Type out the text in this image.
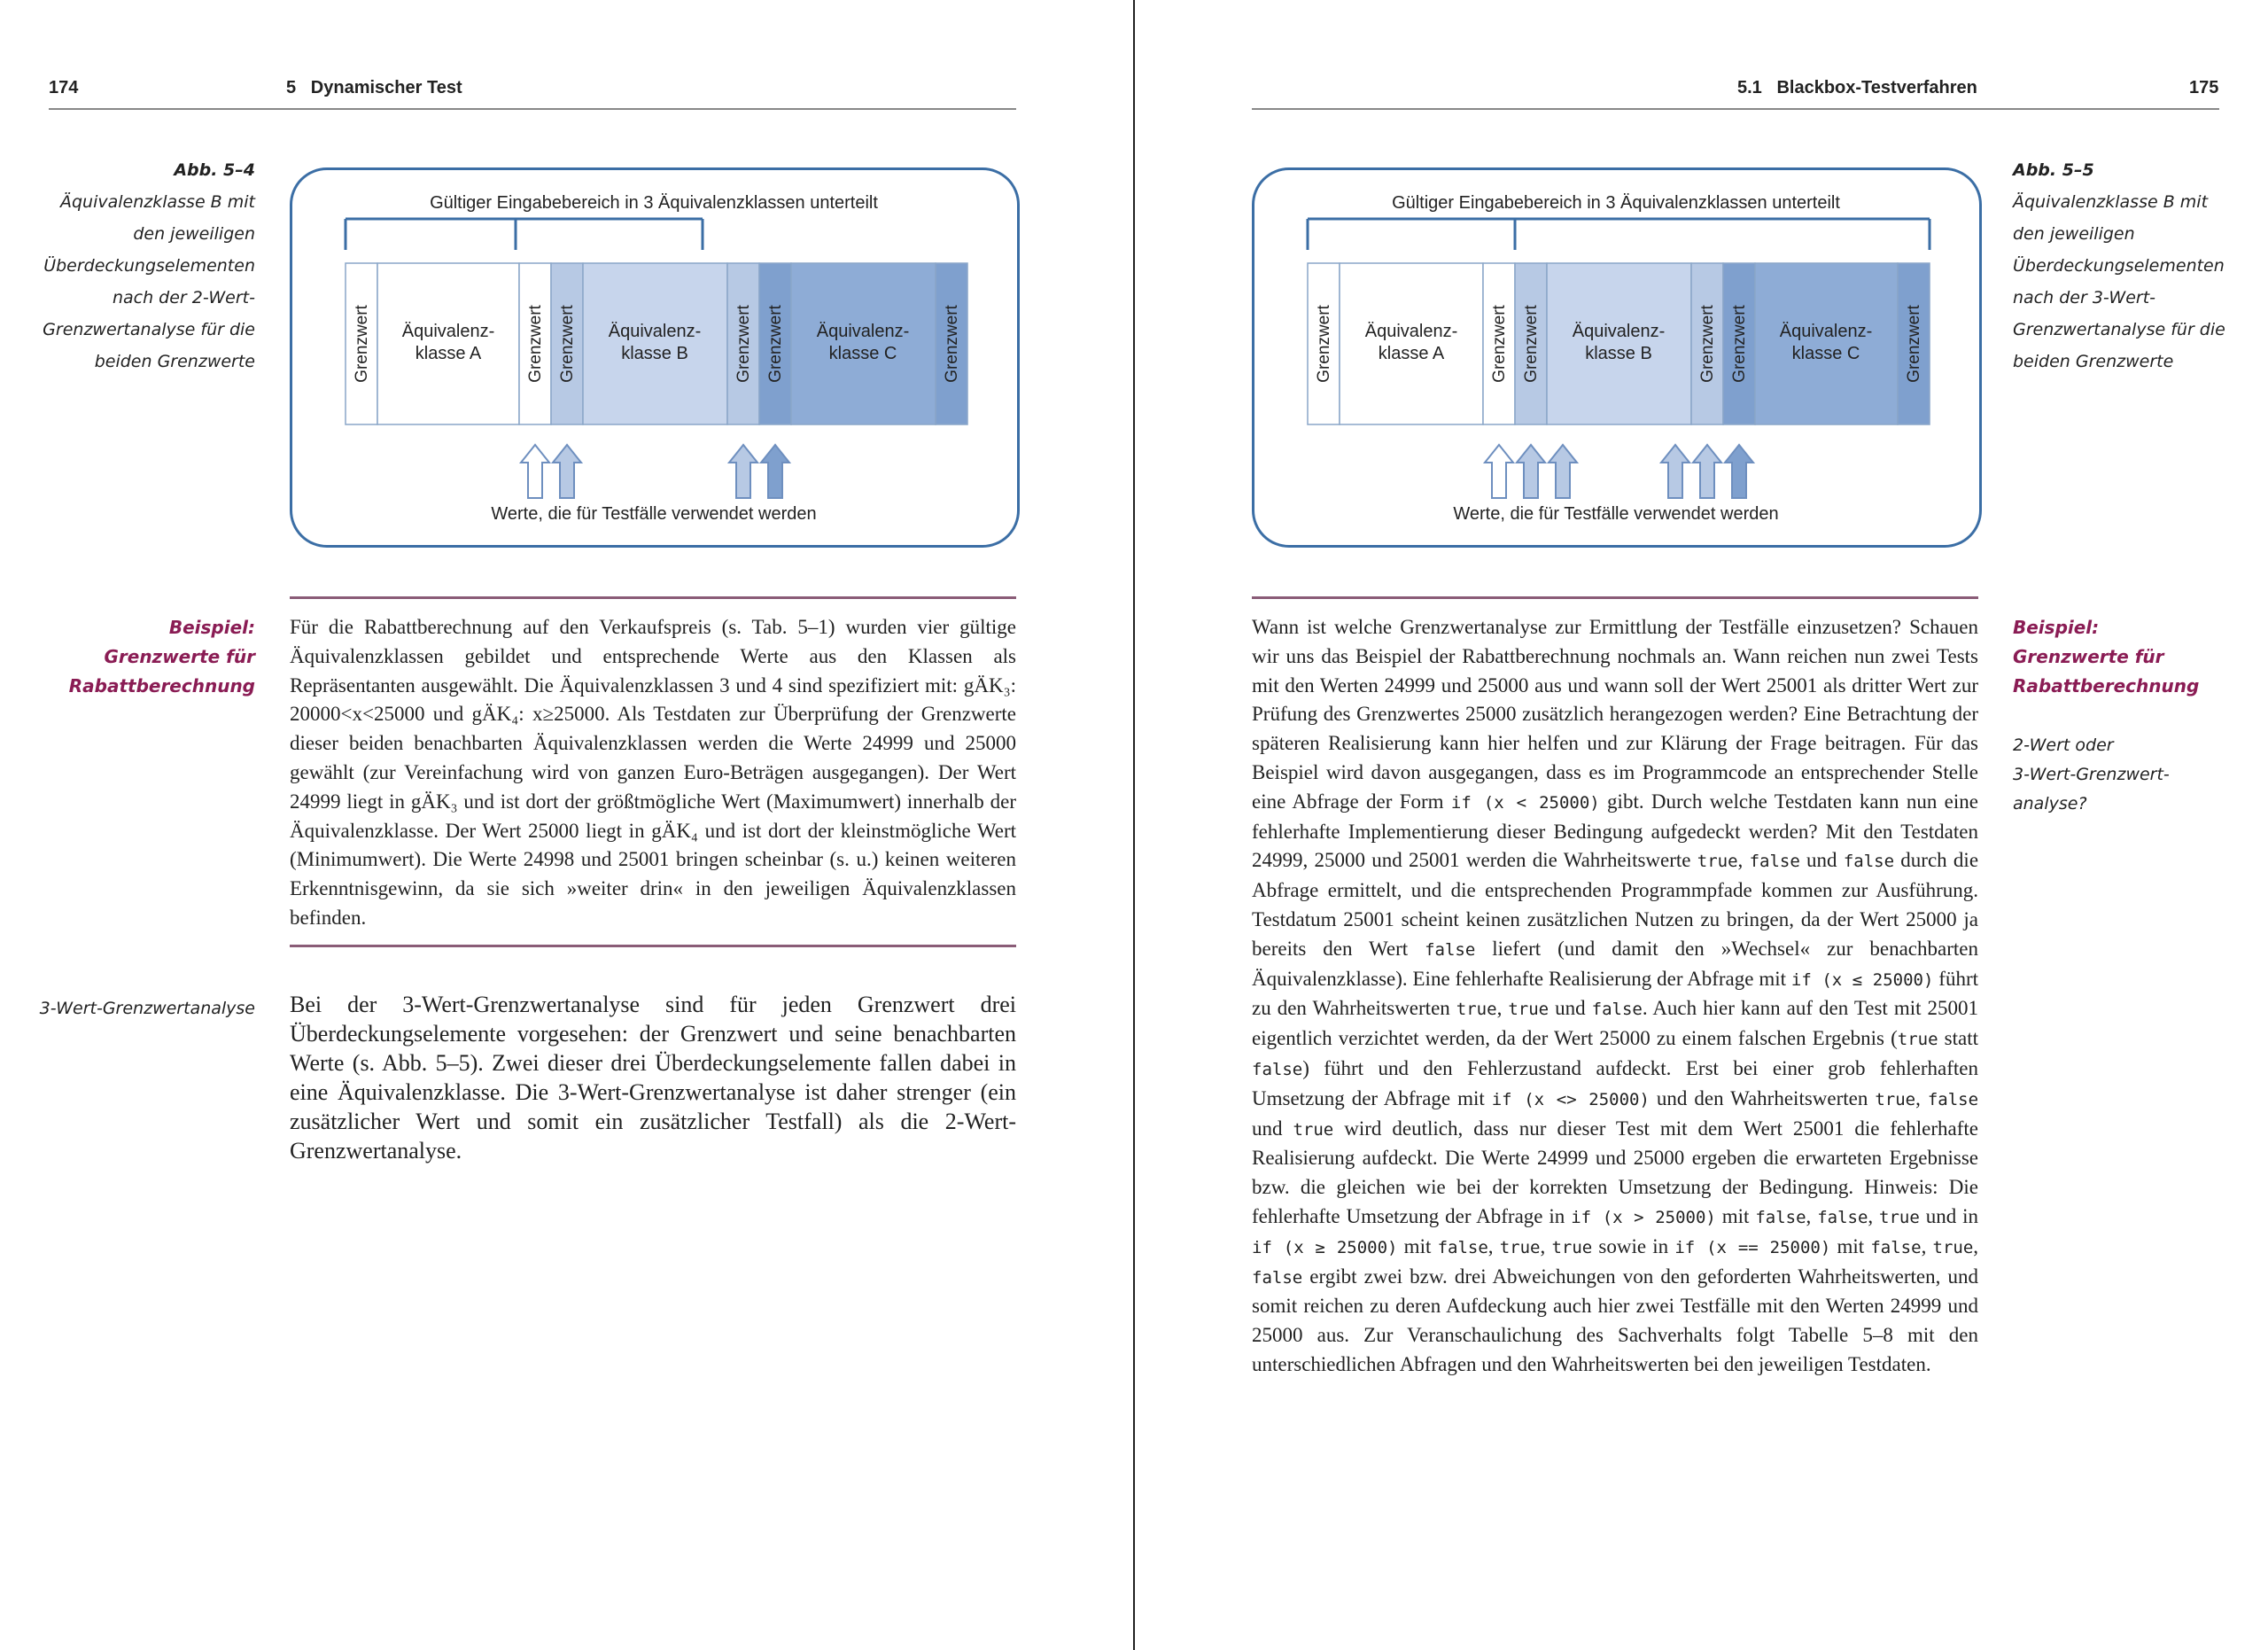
174	5   Dynamischer Test
Abb. 5–4
Äquivalenzklasse B mit
den jeweiligen
Überdeckungselementen
nach der 2-Wert-
Grenzwertanalyse für die
beiden Grenzwerte
Gültiger Eingabebereich in 3 Äquivalenzklassen unterteilt
Grenzwert	Grenzwert Grenzwert	Grenzwert Grenzwert	Grenzwert
Äquivalenz-
klasse A
Äquivalenz-
klasse B
Äquivalenz-
klasse C
Werte, die für Testfälle verwendet werden
Beispiel:
Grenzwerte für
Rabattberechnung

Für die Rabattberechnung auf den Verkaufspreis (s. Tab. 5–1) wurden vier gültige Äquivalenzklassen gebildet und entsprechende Werte aus den Klassen als Repräsentanten ausgewählt. Die Äquivalenzklassen 3 und 4 sind spezifiziert mit: gÄK₃: 20000<x<25000 und gÄK₄: x≥25000. Als Testdaten zur Überprüfung der Grenzwerte dieser beiden benachbarten Äquivalenzklassen werden die Werte 24999 und 25000 gewählt (zur Vereinfachung wird von ganzen Euro-Beträgen ausgegangen). Der Wert 24999 liegt in gÄK₃ und ist dort der größtmögliche Wert (Maximumwert) innerhalb der Äquivalenzklasse. Der Wert 25000 liegt in gÄK₄ und ist dort der kleinstmögliche Wert (Minimumwert). Die Werte 24998 und 25001 bringen scheinbar (s. u.) keinen weiteren Erkenntnisgewinn, da sie sich »weiter drin« in den jeweiligen Äquivalenzklassen befinden.

3-Wert-Grenzwertanalyse Bei der 3-Wert-Grenzwertanalyse sind für jeden Grenzwert drei Überdeckungselemente vorgesehen: der Grenzwert und seine benachbarten Werte (s. Abb. 5–5). Zwei dieser drei Überdeckungselemente fallen dabei in eine Äquivalenzklasse. Die 3-Wert-Grenzwertanalyse ist daher strenger (ein zusätzlicher Wert und somit ein zusätzlicher Testfall) als die 2-Wert-Grenzwertanalyse.

5.1   Blackbox-Testverfahren	175
Gültiger Eingabebereich in 3 Äquivalenzklassen unterteilt
Grenzwert	Grenzwert Grenzwert	Grenzwert Grenzwert	Grenzwert
Äquivalenz-
klasse A
Äquivalenz-
klasse B
Äquivalenz-
klasse C
Werte, die für Testfälle verwendet werden
Abb. 5–5
Äquivalenzklasse B mit
den jeweiligen
Überdeckungselementen
nach der 3-Wert-
Grenzwertanalyse für die
beiden Grenzwerte
Beispiel:
Grenzwerte für
Rabattberechnung
2-Wert oder
3-Wert-Grenzwert-
analyse?

Wann ist welche Grenzwertanalyse zur Ermittlung der Testfälle einzusetzen? Schauen wir uns das Beispiel der Rabattberechnung nochmals an. Wann reichen nun zwei Tests mit den Werten 24999 und 25000 aus und wann soll der Wert 25001 als dritter Wert zur Prüfung des Grenzwertes 25000 zusätzlich herangezogen werden? Eine Betrachtung der späteren Realisierung kann hier helfen und zur Klärung der Frage beitragen. Für das Beispiel wird davon ausgegangen, dass es im Programmcode an entsprechender Stelle eine Abfrage der Form if (x < 25000) gibt. Durch welche Testdaten kann nun eine fehlerhafte Implementierung dieser Bedingung aufgedeckt werden? Mit den Testdaten 24999, 25000 und 25001 werden die Wahrheitswerte true, false und false durch die Abfrage ermittelt, und die entsprechenden Programmpfade kommen zur Ausführung. Testdatum 25001 scheint keinen zusätzlichen Nutzen zu bringen, da der Wert 25000 ja bereits den Wert false liefert (und damit den »Wechsel« zur benachbarten Äquivalenzklasse). Eine fehlerhafte Realisierung der Abfrage mit if (x ≤ 25000) führt zu den Wahrheitswerten true, true und false. Auch hier kann auf den Test mit 25001 eigentlich verzichtet werden, da der Wert 25000 zu einem falschen Ergebnis (true statt false) führt und den Fehlerzustand aufdeckt. Erst bei einer grob fehlerhaften Umsetzung der Abfrage mit if (x <> 25000) und den Wahrheitswerten true, false und true wird deutlich, dass nur dieser Test mit dem Wert 25001 die fehlerhafte Realisierung aufdeckt. Die Werte 24999 und 25000 ergeben die erwarteten Ergebnisse bzw. die gleichen wie bei der korrekten Umsetzung der Bedingung. Hinweis: Die fehlerhafte Umsetzung der Abfrage in if (x > 25000) mit false, false, true und in if (x ≥ 25000) mit false, true, true sowie in if (x == 25000) mit false, true, false ergibt zwei bzw. drei Abweichungen von den geforderten Wahrheitswerten, und somit reichen zu deren Aufdeckung auch hier zwei Testfälle mit den Werten 24999 und 25000 aus. Zur Veranschaulichung des Sachverhalts folgt Tabelle 5–8 mit den unterschiedlichen Abfragen und den Wahrheitswerten bei den jeweiligen Testdaten.
